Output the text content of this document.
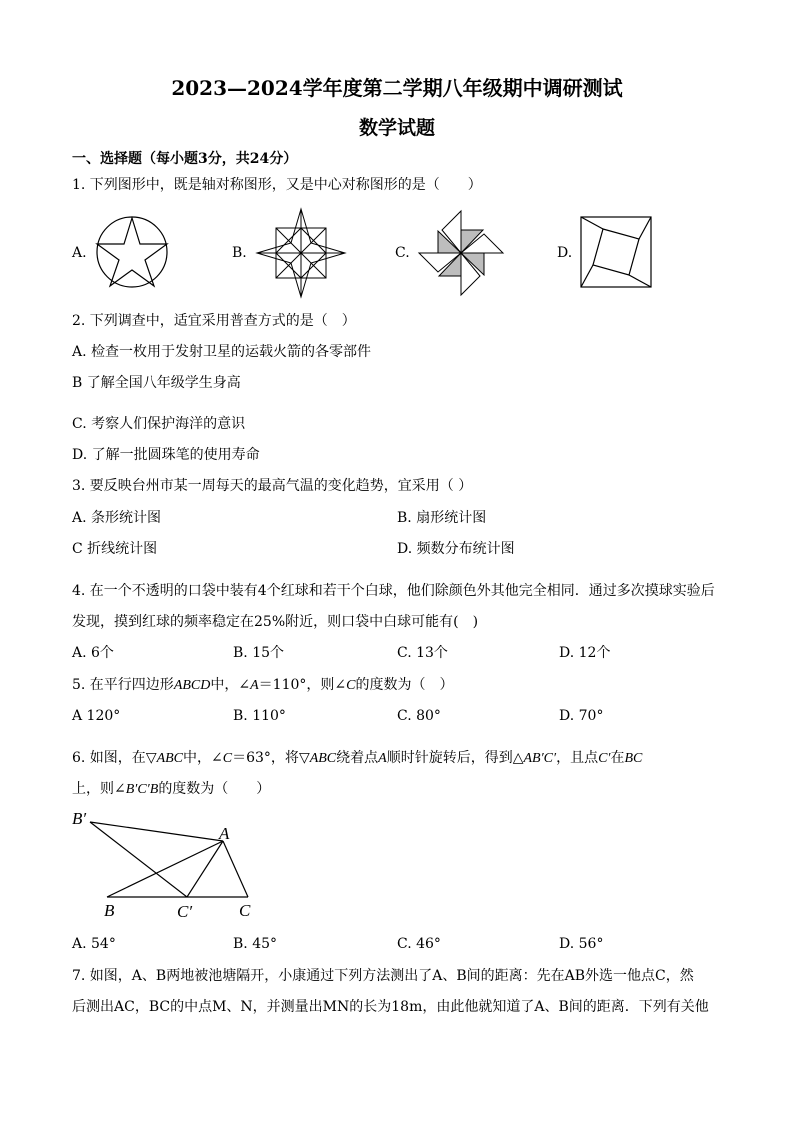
2023—2024学年度第二学期八年级期中调研测试
数学试题
一、选择题（每小题3分，共24分）
1. 下列图形中，既是轴对称图形，又是中心对称图形的是（　　）
A.	B.	C.	D.
2. 下列调查中，适宜采用普查方式的是（　）
A. 检查一枚用于发射卫星的运载火箭的各零部件
B 了解全国八年级学生身高
C. 考察人们保护海洋的意识
D. 了解一批圆珠笔的使用寿命
3. 要反映台州市某一周每天的最高气温的变化趋势，宜采用（ ）
A. 条形统计图	B. 扇形统计图
C 折线统计图	D. 频数分布统计图
4. 在一个不透明的口袋中装有4个红球和若干个白球，他们除颜色外其他完全相同．通过多次摸球实验后
发现，摸到红球的频率稳定在25%附近，则口袋中白球可能有(　)
A. 6个	B. 15个	C. 13个	D. 12个
5. 在平行四边形ABCD中，∠A＝110°，则∠C的度数为（　）
A 120°	B. 110°	C. 80°	D. 70°
6. 如图，在▽ABC中，∠C＝63°，将▽ABC绕着点A顺时针旋转后，得到△AB′C′，且点C′在BC
上，则∠B′C′B的度数为（　　）
B′
A
B	C′	C
A. 54°	B. 45°	C. 46°	D. 56°
7. 如图，A、B两地被池塘隔开，小康通过下列方法测出了A、B间的距离：先在AB外选一他点C，然
后测出AC，BC的中点M、N，并测量出MN的长为18m，由此他就知道了A、B间的距离．下列有关他
